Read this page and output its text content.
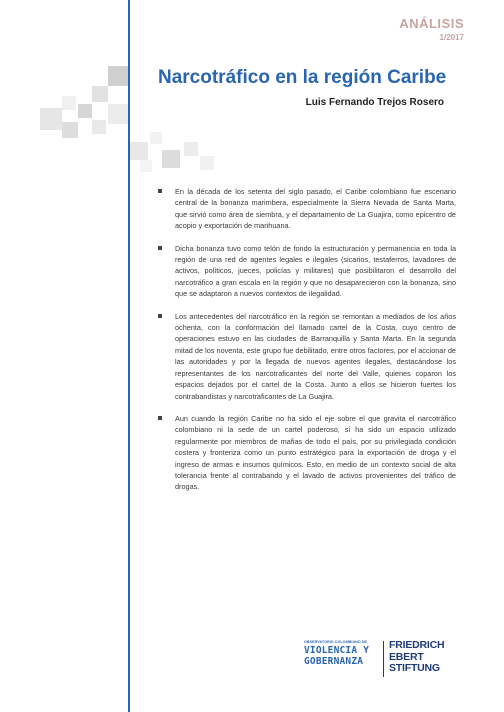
ANÁLISIS
1/2017
Narcotráfico en la región Caribe
Luis Fernando Trejos Rosero
En la década de los setenta del siglo pasado, el Caribe colombiano fue escenario central de la bonanza marimbera, especialmente la Sierra Nevada de Santa Marta, que sirvió como área de siembra, y el departamento de La Guajira, como epicentro de acopio y exportación de marihuana.
Dicha bonanza tuvo como telón de fondo la estructuración y permanencia en toda la región de una red de agentes legales e ilegales (sicarios, testaferros, lavadores de activos, políticos, jueces, policías y militares) que posibilitaron el desarrollo del narcotráfico a gran escala en la región y que no desaparecieron con la bonanza, sino que se adaptaron a nuevos contextos de ilegalidad.
Los antecedentes del narcotráfico en la región se remontan a mediados de los años ochenta, con la conformación del llamado cartel de la Costa, cuyo centro de operaciones estuvo en las ciudades de Barranquilla y Santa Marta. En la segunda mitad de los noventa, este grupo fue debilitado, entre otros factores, por el accionar de las autoridades y por la llegada de nuevos agentes ilegales, destacándose los representantes de los narcotraficantes del norte del Valle, quienes coparon los espacios dejados por el cartel de la Costa. Junto a ellos se hicieron fuertes los contrabandistas y narcotraficantes de La Guajira.
Aun cuando la región Caribe no ha sido el eje sobre el que gravita el narcotráfico colombiano ni la sede de un cartel poderoso, sí ha sido un espacio utilizado regularmente por miembros de mafias de todo el país, por su privilegiada condición costera y fronteriza como un punto estratégico para la exportación de droga y el ingreso de armas e insumos químicos. Esto, en medio de un contexto social de alta tolerancia frente al contrabando y el lavado de activos provenientes del tráfico de drogas.
OBSERVATORIO COLOMBIANO DE
VIOLENCIA Y
GOBERNANZA
FRIEDRICH
EBERT
STIFTUNG
